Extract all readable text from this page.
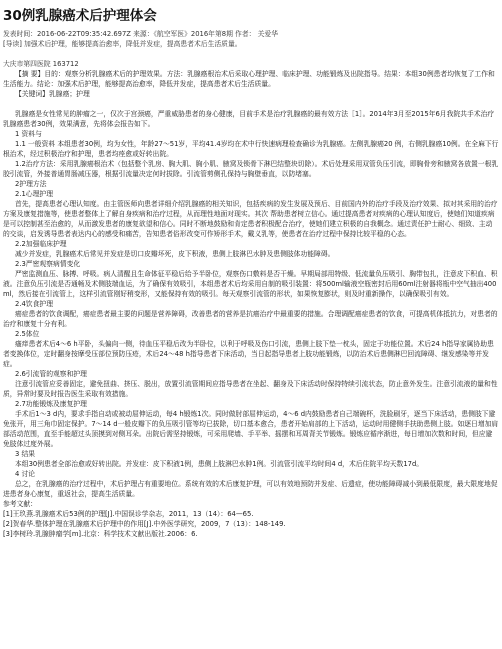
30例乳腺癌术后护理体会
发表时间：2016-06-22T09:35:42.697Z 来源：《航空军医》2016年第8期 作者： 关爱华
[导读] 加强术后护理，能够提高治愈率，降低并发症，提高患者术后生活质量。
大庆市第四医院 163712
【摘 要】目的：观察分析乳腺癌术后的护理效果。方法：乳腺癌根治术后采取心理护理、临床护理、功能锻炼及出院指导。结果：本组30例患者均恢复了工作和生活能力。结论：加强术后护理，能够提高治愈率，降低并发症，提高患者术后生活质量。
【关键词】乳腺癌；护理

乳腺癌是女性常见的肿瘤之一，仅次于宫颈癌，严重威胁患者的身心健康，目前手术是治疗乳腺癌的最有效方法［1］。2014年3月至2015年6月我院共手术治疗乳腺癌患者30例，效果满意，先将体会报告如下。

1 资料与

1.1 一般资料 本组患者30例，均为女性，年龄27～51岁，平均41.4岁均在术中行快速病理检查确诊为乳腺癌。左侧乳腺癌20 例，右侧乳腺癌10例。在全麻下行根治术，经过积极治疗和护理，患者均痊愈或好转出院。

1.2治疗方法：采用乳腺癌根治术（包括整个乳房、胸大肌、胸小肌、腋窝及锁骨下淋巴结整块切除）。术后处理采用双管负压引流，即胸骨旁和腋窝各放置一根乳胶引流管，外接普通胃肠减压器，根据引流量决定何时拔除。引流管剪侧孔保持与胸壁垂直，以防堵塞。

2护理方法

2.1心理护理

首先，提高患者心理认知度。由主管医师向患者详细介绍乳腺癌的相关知识，包括疾病的发生发展及预后、目前国内外的治疗手段及治疗效果、拟对其采用的治疗方案及康复措施等，使患者整体上了解自身疾病和治疗过程，从而理性地面对现实。其次 帮助患者树立信心。通过提高患者对疾病的心理认知度后，使她们知道疾病是可以控制甚至治愈的，从而激发患者的康复欲望和信心。同时不断地鼓励和肯定患者积极配合治疗，使她们建立积极的自我概念。通过责任护士耐心、细致、主动的交谈，启发诱导患者表达内心的感受和痛苦，告知患者俗形改变可作矫形手术，戴义乳等，使患者在治疗过程中保持比较平稳的心态。

2.2加强临床护理

减少并发症，乳腺癌术后常见并发症是切口皮瓣坏死，皮下积液，患侧上肢淋巴水肿及患侧肢体功能障碍。

2.3严密观察病情变化

严密监测血压、脉搏、呼吸。病人清醒且生命体征平稳后给予半卧位，观察伤口敷料是否干燥。早期局部用特级、低流量负压吸引、胸带包扎，注意皮下积血、积液。注意负压引流是否通畅及术侧肢端血运，为了确保有效吸引，本组患者术后均采用自制的吸引装置：将500ml输液空瓶密封后用60ml注射器将瓶中空气抽出400ml，然后接在引流管上，这样引流管刚好稍变形，又能保持有效的吸引。每天观察引流管的形状，如果恢复膨状，则及时重新操作，以确保吸引有效。

2.4饮食护理

癌症患者的饮食调配，癌症患者最主要的问题是营养障碍，改善患者的营养是抗癌治疗中最重要的措施。合理调配癌症患者的饮食，可提高机体抵抗力，对患者的治疗和康复十分有利。

2.5体位

瘙痒患者术后4～6 h平卧，头偏向一侧，待血压平稳后改为半卧位，以利于呼吸及伤口引流，患侧上肢下垫一枕头，固定于功能位置。术后24 h指导家属协助患者变换体位，定时翻身按摩受压部位预防压疮，术后24～48 h指导患者下床活动，当日起指导患者上肢功能锻炼，以防治术后患侧淋巴回流障碍、继发感染等并发症。

2.6引流管的观察和护理

注意引流管应妥善固定，避免扭曲、挤压、脱出，放置引流管期间应指导患者在坐起、翻身及下床活动时保持特续引流状态，防止意外发生。注意引流液的量和性质，异常时要及时报告医生采取有效措施。

2.7功能锻炼及康复护理

手术后1～3 d内，要求手指自动或被动屈伸运动，每4 h锻炼1次。同时做肘部屈伸运动，4～6 d内鼓励患者自己端碗杯，洗脸刷牙，逐当下床活动，患侧肢下避免张开，用三角巾固定保护。7～14 d一般皮瓣下的负压吸引管等均已拔除，切口基本愈合，患者开始肩部的上下活动，运动时用健侧手扶助患侧上肢。如逐日增加肩部活动范围，直至手能超过头顶摸到对侧耳朵。出院后需坚持锻炼，可采用爬墙、手平举、摇摆和耳周背关节锻炼。锻炼应循序渐进，每日增加次数和时间，但应避免肢体过度外展。

3 结果

本组30例患者全部治愈或好转出院。并发症：皮下积液1例，患侧上肢淋巴水肿1例。引流管引流平均时间4 d，术后住院平均天数17d。

4 讨论

总之，在乳腺癌的治疗过程中，术后护理占有重要地位。系统有效的术后康复护理，可以有效地预防并发症、后遗症，使功能障碍减小到最低限度，最大限度地促进患者身心康复，重返社会，提高生活质量。

参考文献：
[1]王玖燕.乳腺癌术后53例的护理[J].中国误诊学杂志，2011，13（14）：64—65.
[2]贺春华.整体护理在乳腺癌术后护理中的作用[J].中外医学研究，2009，7（13）：148-149.
[3]李树玲.乳腺肿瘤学[m].北京：科学技术文献出版社.2006：6.
